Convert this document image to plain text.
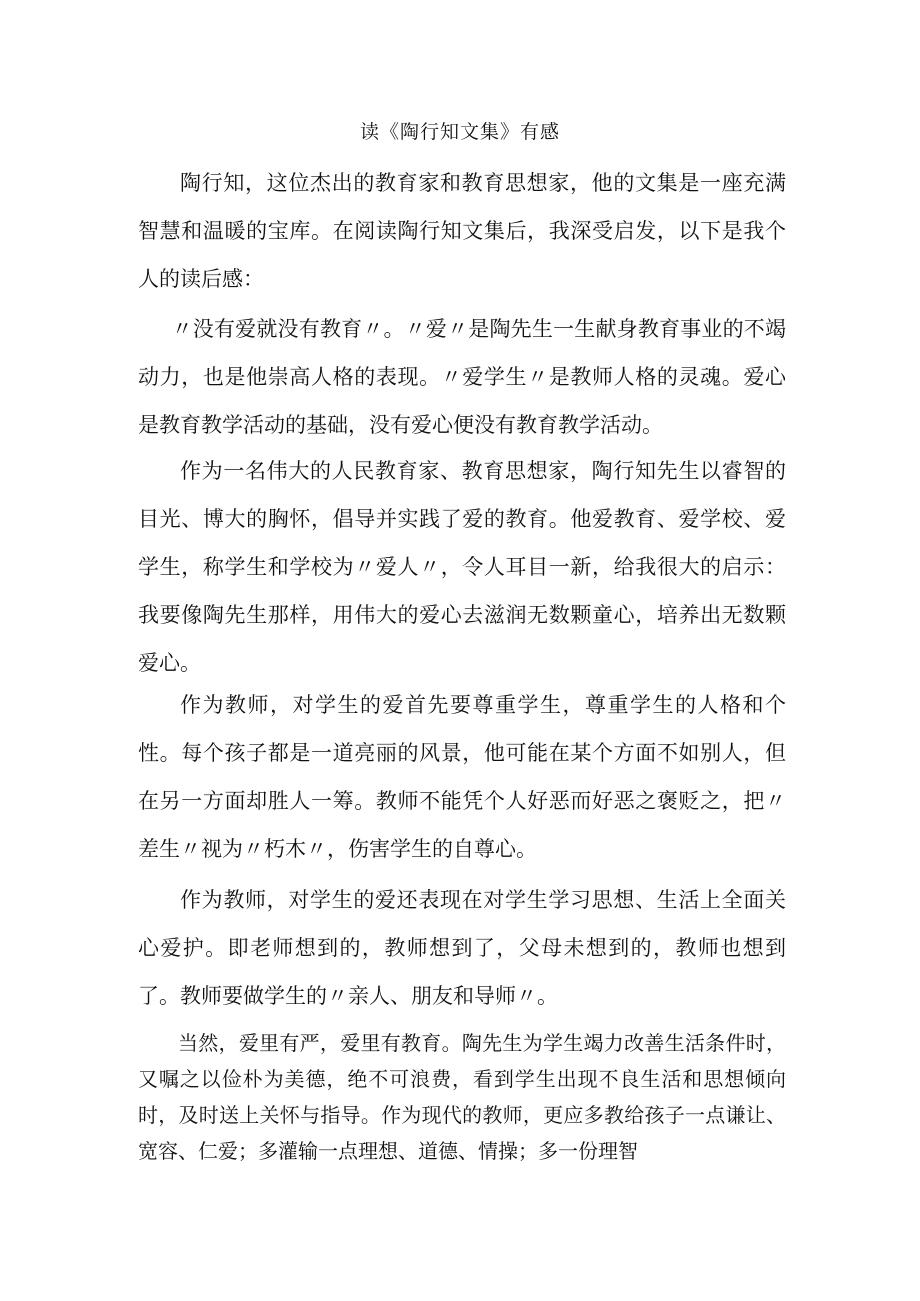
读《陶行知文集》有感

陶行知，这位杰出的教育家和教育思想家，他的文集是一座充满智慧和温暖的宝库。在阅读陶行知文集后，我深受启发，以下是我个人的读后感：

〃没有爱就没有教育〃。〃爱〃是陶先生一生献身教育事业的不竭动力，也是他崇高人格的表现。〃爱学生〃是教师人格的灵魂。爱心是教育教学活动的基础，没有爱心便没有教育教学活动。

作为一名伟大的人民教育家、教育思想家，陶行知先生以睿智的目光、博大的胸怀，倡导并实践了爱的教育。他爱教育、爱学校、爱学生，称学生和学校为〃爱人〃，令人耳目一新，给我很大的启示：我要像陶先生那样，用伟大的爱心去滋润无数颗童心，培养出无数颗爱心。

作为教师，对学生的爱首先要尊重学生，尊重学生的人格和个性。每个孩子都是一道亮丽的风景，他可能在某个方面不如别人，但在另一方面却胜人一筹。教师不能凭个人好恶而好恶之褒贬之，把〃差生〃视为〃朽木〃，伤害学生的自尊心。

作为教师，对学生的爱还表现在对学生学习思想、生活上全面关心爱护。即老师想到的，教师想到了，父母未想到的，教师也想到了。教师要做学生的〃亲人、朋友和导师〃。

当然，爱里有严，爱里有教育。陶先生为学生竭力改善生活条件时，又嘱之以俭朴为美德，绝不可浪费，看到学生出现不良生活和思想倾向时，及时送上关怀与指导。作为现代的教师，更应多教给孩子一点谦让、宽容、仁爱；多灌输一点理想、道德、情操；多一份理智
